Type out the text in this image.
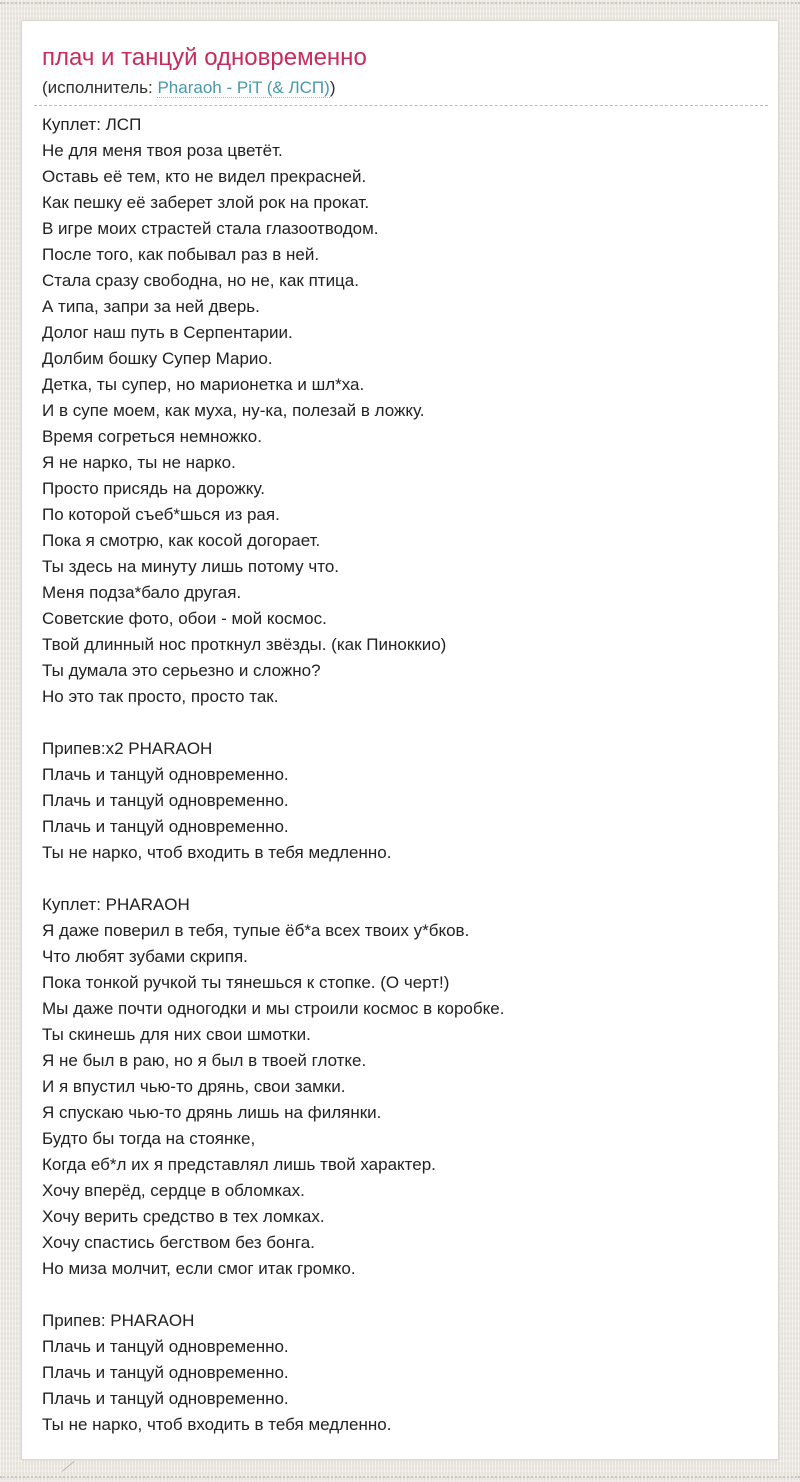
плач и танцуй одновременно
(исполнитель: Pharaoh - PiT (& ЛСП))
Куплет: ЛСП
Не для меня твоя роза цветёт.
Оставь её тем, кто не видел прекрасней.
Как пешку её заберет злой рок на прокат.
В игре моих страстей стала глазоотводом.
После того, как побывал раз в ней.
Стала сразу свободна, но не, как птица.
А типа, запри за ней дверь.
Долог наш путь в Серпентарии.
Долбим бошку Супер Марио.
Детка, ты супер, но марионетка и шл*ха.
И в супе моем, как муха, ну-ка, полезай в ложку.
Время согреться немножко.
Я не нарко, ты не нарко.
Просто присядь на дорожку.
По которой съеб*шься из рая.
Пока я смотрю, как косой догорает.
Ты здесь на минуту лишь потому что.
Меня подза*бало другая.
Советские фото, обои - мой космос.
Твой длинный нос проткнул звёзды. (как Пиноккио)
Ты думала это серьезно и сложно?
Но это так просто, просто так.

Припев:x2 PHARAOH
Плачь и танцуй одновременно.
Плачь и танцуй одновременно.
Плачь и танцуй одновременно.
Ты не нарко, чтоб входить в тебя медленно.

Куплет: PHARAOH
Я даже поверил в тебя, тупые ёб*а всех твоих у*бков.
Что любят зубами скрипя.
Пока тонкой ручкой ты тянешься к стопке. (О черт!)
Мы даже почти одногодки и мы строили космос в коробке.
Ты скинешь для них свои шмотки.
Я не был в раю, но я был в твоей глотке.
И я впустил чью-то дрянь, свои замки.
Я спускаю чью-то дрянь лишь на филянки.
Будто бы тогда на стоянке,
Когда еб*л их я представлял лишь твой характер.
Хочу вперёд, сердце в обломках.
Хочу верить средство в тех ломках.
Хочу спастись бегством без бонга.
Но миза молчит, если смог итак громко.

Припев: PHARAOH
Плачь и танцуй одновременно.
Плачь и танцуй одновременно.
Плачь и танцуй одновременно.
Ты не нарко, чтоб входить в тебя медленно.
